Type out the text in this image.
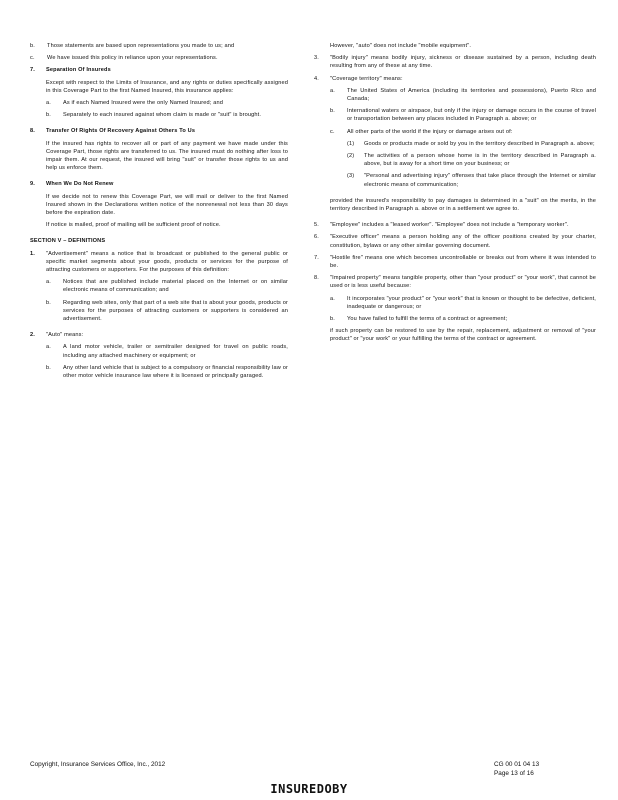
b.	Those statements are based upon representations you made to us; and

c.	We have issued this policy in reliance upon your representations.

7.	Separation Of Insureds

Except with respect to the Limits of Insurance, and any rights or duties specifically assigned in this Coverage Part to the first Named Insured, this insurance applies:

a.	As if each Named Insured were the only Named Insured; and

b.	Separately to each insured against whom claim is made or "suit" is brought.

8.	Transfer Of Rights Of Recovery Against Others To Us

If the insured has rights to recover all or part of any payment we have made under this Coverage Part, those rights are transferred to us. The insured must do nothing after loss to impair them. At our request, the insured will bring "suit" or transfer those rights to us and help us enforce them.

9.	When We Do Not Renew

If we decide not to renew this Coverage Part, we will mail or deliver to the first Named Insured shown in the Declarations written notice of the nonrenewal not less than 30 days before the expiration date.

If notice is mailed, proof of mailing will be sufficient proof of notice.

SECTION V – DEFINITIONS
1.	"Advertisement" means a notice that is broadcast or published to the general public or specific market segments about your goods, products or services for the purpose of attracting customers or supporters. For the purposes of this definition:

a.	Notices that are published include material placed on the Internet or on similar electronic means of communication; and

b.	Regarding web sites, only that part of a web site that is about your goods, products or services for the purposes of attracting customers or supporters is considered an advertisement.

2.	"Auto" means:

a.	A land motor vehicle, trailer or semitrailer designed for travel on public roads, including any attached machinery or equipment; or

b.	Any other land vehicle that is subject to a compulsory or financial responsibility law or other motor vehicle insurance law where it is licensed or principally garaged.

However, "auto" does not include "mobile equipment".

3.	"Bodily injury" means bodily injury, sickness or disease sustained by a person, including death resulting from any of these at any time.

4.	"Coverage territory" means:

a.	The United States of America (including its territories and possessions), Puerto Rico and Canada;

b.	International waters or airspace, but only if the injury or damage occurs in the course of travel or transportation between any places included in Paragraph a. above; or

c.	All other parts of the world if the injury or damage arises out of:

(1)	Goods or products made or sold by you in the territory described in Paragraph a. above;

(2)	The activities of a person whose home is in the territory described in Paragraph a. above, but is away for a short time on your business; or

(3)	"Personal and advertising injury" offenses that take place through the Internet or similar electronic means of communication;

provided the insured's responsibility to pay damages is determined in a "suit" on the merits, in the territory described in Paragraph a. above or in a settlement we agree to.

5.	"Employee" includes a "leased worker". "Employee" does not include a "temporary worker".

6.	"Executive officer" means a person holding any of the officer positions created by your charter, constitution, bylaws or any other similar governing document.

7.	"Hostile fire" means one which becomes uncontrollable or breaks out from where it was intended to be.

8.	"Impaired property" means tangible property, other than "your product" or "your work", that cannot be used or is less useful because:

a.	It incorporates "your product" or "your work" that is known or thought to be defective, deficient, inadequate or dangerous; or

b.	You have failed to fulfill the terms of a contract or agreement;

if such property can be restored to use by the repair, replacement, adjustment or removal of "your product" or "your work" or your fulfilling the terms of the contract or agreement.

Copyright, Insurance Services Office, Inc., 2012	CG 00 01 04 13
Page 13 of 16
INSUREDOBY
